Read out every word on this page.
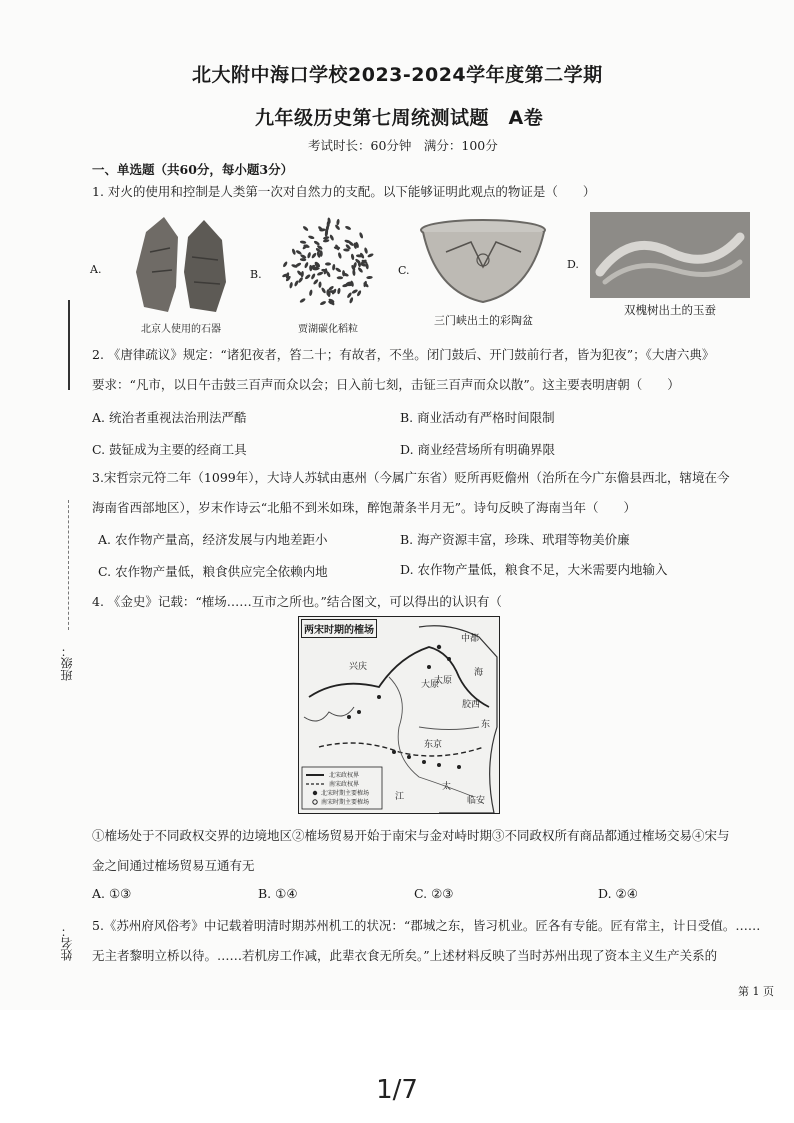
北大附中海口学校2023-2024学年度第二学期
九年级历史第七周统测试题　A卷
考试时长：60分钟　满分：100分
一、单选题（共60分，每小题3分）
1. 对火的使用和控制是人类第一次对自然力的支配。以下能够证明此观点的物证是（　　）
A.
北京人使用的石器
B.
贾湖碳化稻粒
C.
三门峡出土的彩陶盆
D.
双槐树出土的玉蚕
2. 《唐律疏议》规定：“诸犯夜者，笞二十；有故者，不坐。闭门鼓后、开门鼓前行者，皆为犯夜”；《大唐六典》
要求：“凡市，以日午击鼓三百声而众以会；日入前七刻，击钲三百声而众以散”。这主要表明唐朝（　　）
A. 统治者重视法治刑法严酷	B. 商业活动有严格时间限制
C. 鼓钲成为主要的经商工具	D. 商业经营场所有明确界限
3.宋哲宗元符二年（1099年），大诗人苏轼由惠州（今属广东省）贬所再贬儋州（治所在今广东儋县西北，辖境在今
海南省西部地区），岁末作诗云“北船不到米如珠，醉饱萧条半月无”。诗句反映了海南当年（　　）
A. 农作物产量高，经济发展与内地差距小	B. 海产资源丰富，珍珠、玳瑁等物美价廉
C. 农作物产量低，粮食供应完全依赖内地	D. 农作物产量低，粮食不足，大米需要内地输入
4. 《金史》记载：“榷场……互市之所也。”结合图文，可以得出的认识有（
两宋时期的榷场
中都
兴庆
大原
太原
海
胶西
东
东京
太
临安
江
北宋政权界
南宋政权界
北宋时期主要榷场
南宋时期主要榷场
①榷场处于不同政权交界的边境地区②榷场贸易开始于南宋与金对峙时期③不同政权所有商品都通过榷场交易④宋与
金之间通过榷场贸易互通有无
A. ①③	B. ①④	C. ②③	D. ②④
5.《苏州府风俗考》中记载着明清时期苏州机工的状况：“郡城之东，皆习机业。匠各有专能。匠有常主，计日受值。……
无主者黎明立桥以待。……若机房工作减，此辈衣食无所矣。”上述材料反映了当时苏州出现了资本主义生产关系的
班级：
姓名：
第 1 页
1/7
